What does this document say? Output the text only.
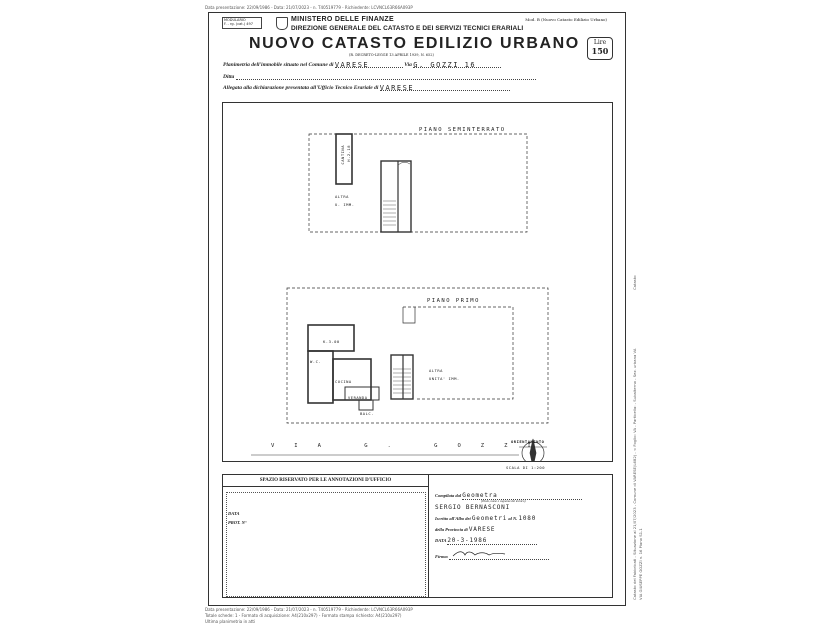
Data presentazione: 22/09/1986 - Data: 21/07/2023 - n. T40519779 - Richiedente: LCVNCL63R66A093P
MODULARIO
F. - rg. (cat.) 497
MINISTERO DELLE FINANZE
DIREZIONE GENERALE DEL CATASTO E DEI SERVIZI TECNICI ERARIALI
Mod. B (Nuovo Catasto Edilizio Urbano)
NUOVO CATASTO EDILIZIO URBANO	Lire
150
(R. DECRETO-LEGGE 13 APRILE 1939, N. 652)
Planimetria dell'immobile situato nel Comune di VARESE	Via G. GOZZI 16
Ditta
Allegata alla dichiarazione presentata all'Ufficio Tecnico Erariale di VARESE
PIANO SEMINTERRATO
CANTINA H.2.18
ALTRA
U. IMM.
PIANO PRIMO
K.3.00
W.C.
CUCINA
VERANDA
BALC.
ALTRA
UNITA' IMM.
VIA G. GOZZI
ORIENTAMENTO
SCALA DI 1:200
SPAZIO RISERVATO PER LE ANNOTAZIONI D'UFFICIO
DATA
PROT. N°
Compilata dal Geometra
(Titolo, nome e cognome del tecnico)
SERGIO BERNASCONI
Iscritto all'Albo dei Geometri al N. 1080
della Provincia di VARESE
DATA 20-3-1986
Firma:	Catasto dei Fabbricati - Situazione al 21/07/2023 - Comune di VARESE(L682) - < Foglio: VA - Particella: - Subalterno - Sez. urbana VA VIA GIUSEPPE GOZZI n. 16 Piano S1-1
Catasto
Data presentazione: 22/09/1986 - Data: 21/07/2023 - n. T40519779 - Richiedente: LCVNCL63R66A093P
Totale schede: 1 - Formato di acquisizione: A4(210x297) - Formato stampa richiesto: A4(210x297)
Ultima planimetria in atti
